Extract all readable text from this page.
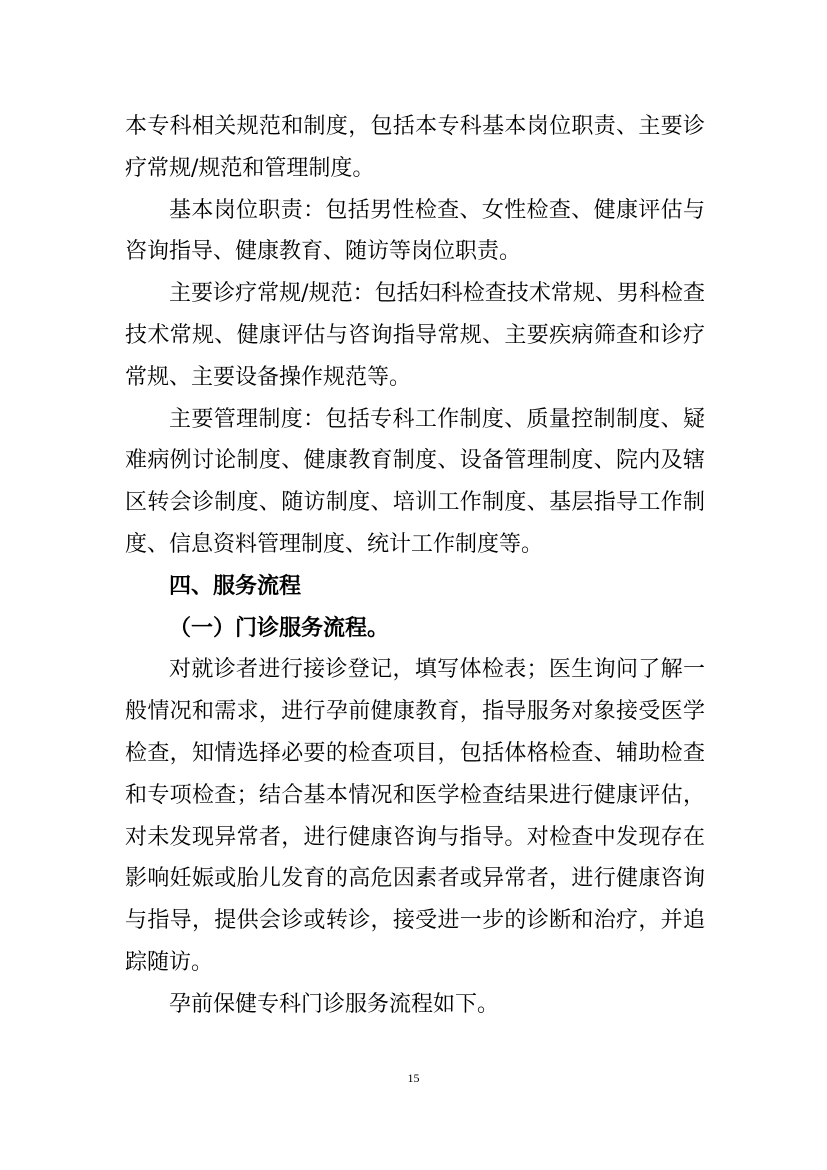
本专科相关规范和制度，包括本专科基本岗位职责、主要诊疗常规/规范和管理制度。

基本岗位职责：包括男性检查、女性检查、健康评估与咨询指导、健康教育、随访等岗位职责。

主要诊疗常规/规范：包括妇科检查技术常规、男科检查技术常规、健康评估与咨询指导常规、主要疾病筛查和诊疗常规、主要设备操作规范等。

主要管理制度：包括专科工作制度、质量控制制度、疑难病例讨论制度、健康教育制度、设备管理制度、院内及辖区转会诊制度、随访制度、培训工作制度、基层指导工作制度、信息资料管理制度、统计工作制度等。

四、服务流程

（一）门诊服务流程。

对就诊者进行接诊登记，填写体检表；医生询问了解一般情况和需求，进行孕前健康教育，指导服务对象接受医学检查，知情选择必要的检查项目，包括体格检查、辅助检查和专项检查；结合基本情况和医学检查结果进行健康评估，对未发现异常者，进行健康咨询与指导。对检查中发现存在影响妊娠或胎儿发育的高危因素者或异常者，进行健康咨询与指导，提供会诊或转诊，接受进一步的诊断和治疗，并追踪随访。

孕前保健专科门诊服务流程如下。

15
